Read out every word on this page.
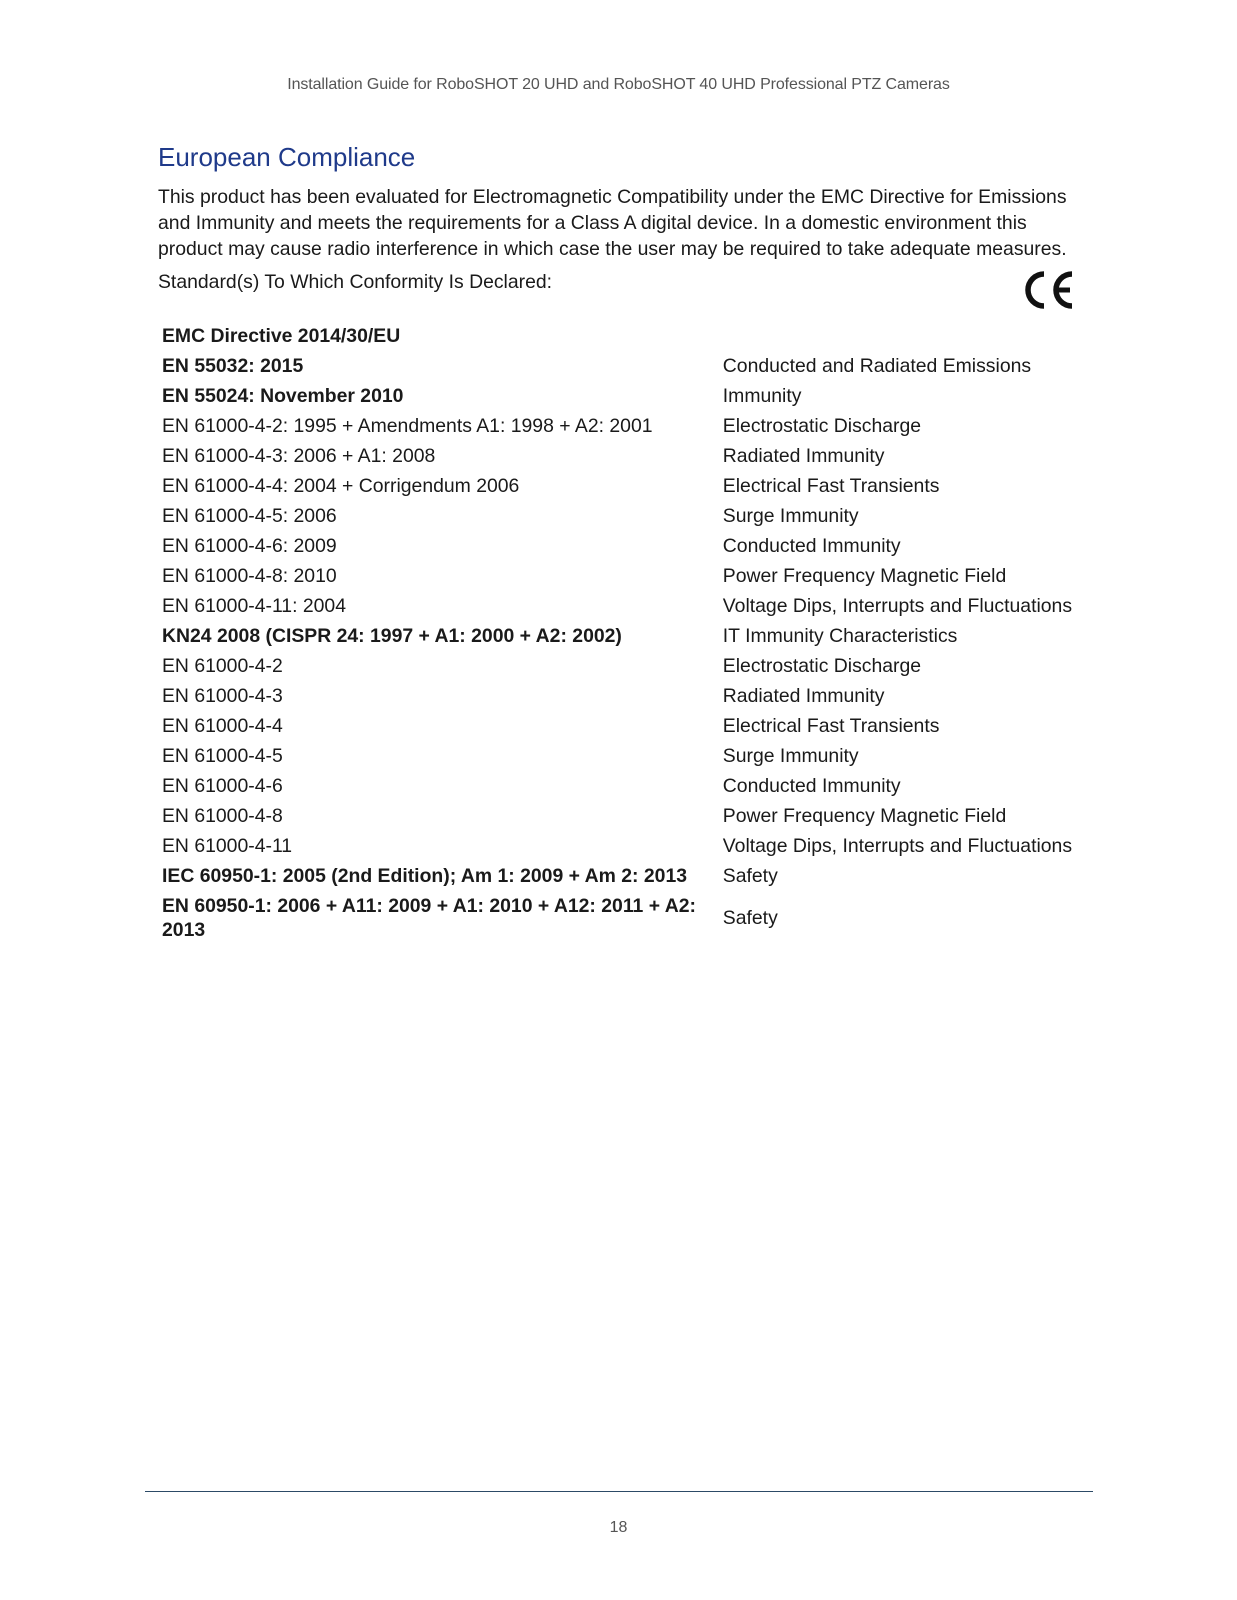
Installation Guide for RoboSHOT 20 UHD and RoboSHOT 40 UHD Professional PTZ Cameras
European Compliance

This product has been evaluated for Electromagnetic Compatibility under the EMC Directive for Emissions and Immunity and meets the requirements for a Class A digital device. In a domestic environment this product may cause radio interference in which case the user may be required to take adequate measures.

Standard(s) To Which Conformity Is Declared:

EMC Directive 2014/30/EU	
EN 55032: 2015	Conducted and Radiated Emissions
EN 55024: November 2010	Immunity
EN 61000-4-2: 1995 + Amendments A1: 1998 + A2: 2001	Electrostatic Discharge
EN 61000-4-3: 2006 + A1: 2008	Radiated Immunity
EN 61000-4-4: 2004 + Corrigendum 2006	Electrical Fast Transients
EN 61000-4-5: 2006	Surge Immunity
EN 61000-4-6: 2009	Conducted Immunity
EN 61000-4-8: 2010	Power Frequency Magnetic Field
EN 61000-4-11: 2004	Voltage Dips, Interrupts and Fluctuations
KN24 2008 (CISPR 24: 1997 + A1: 2000 + A2: 2002)	IT Immunity Characteristics
EN 61000-4-2	Electrostatic Discharge
EN 61000-4-3	Radiated Immunity
EN 61000-4-4	Electrical Fast Transients
EN 61000-4-5	Surge Immunity
EN 61000-4-6	Conducted Immunity
EN 61000-4-8	Power Frequency Magnetic Field
EN 61000-4-11	Voltage Dips, Interrupts and Fluctuations
IEC 60950-1: 2005 (2nd Edition); Am 1: 2009 + Am 2: 2013	Safety
EN 60950-1: 2006 + A11: 2009 + A1: 2010 + A12: 2011 + A2: 2013	Safety
18
